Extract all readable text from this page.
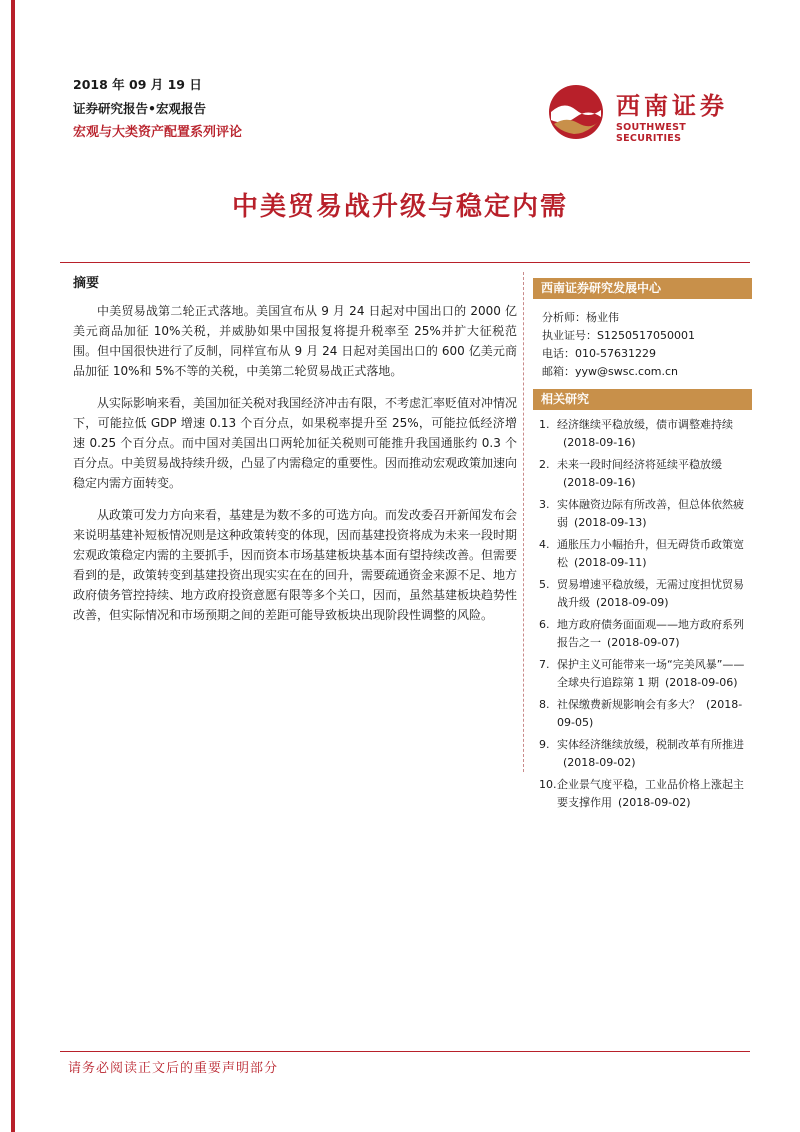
2018 年 09 月 19 日
证券研究报告•宏观报告
宏观与大类资产配置系列评论
西南证券
SOUTHWEST SECURITIES
中美贸易战升级与稳定内需
摘要

中美贸易战第二轮正式落地。美国宣布从 9 月 24 日起对中国出口的 2000 亿美元商品加征 10%关税，并威胁如果中国报复将提升税率至 25%并扩大征税范围。但中国很快进行了反制，同样宣布从 9 月 24 日起对美国出口的 600 亿美元商品加征 10%和 5%不等的关税，中美第二轮贸易战正式落地。

从实际影响来看，美国加征关税对我国经济冲击有限，不考虑汇率贬值对冲情况下，可能拉低 GDP 增速 0.13 个百分点，如果税率提升至 25%，可能拉低经济增速 0.25 个百分点。而中国对美国出口两轮加征关税则可能推升我国通胀约 0.3 个百分点。中美贸易战持续升级，凸显了内需稳定的重要性。因而推动宏观政策加速向稳定内需方面转变。

从政策可发力方向来看，基建是为数不多的可选方向。而发改委召开新闻发布会来说明基建补短板情况则是这种政策转变的体现，因而基建投资将成为未来一段时期宏观政策稳定内需的主要抓手，因而资本市场基建板块基本面有望持续改善。但需要看到的是，政策转变到基建投资出现实实在在的回升，需要疏通资金来源不足、地方政府债务管控持续、地方政府投资意愿有限等多个关口，因而，虽然基建板块趋势性改善，但实际情况和市场预期之间的差距可能导致板块出现阶段性调整的风险。

西南证券研究发展中心
分析师：杨业伟
执业证号：S1250517050001
电话：010-57631229
邮箱：yyw@swsc.com.cn
相关研究
1. 经济继续平稳放缓，债市调整难持续(2018-09-16)
2. 未来一段时间经济将延续平稳放缓(2018-09-16)
3. 实体融资边际有所改善，但总体依然疲弱 (2018-09-13)
4. 通胀压力小幅抬升，但无碍货币政策宽松 (2018-09-11)
5. 贸易增速平稳放缓，无需过度担忧贸易战升级 (2018-09-09)
6. 地方政府债务面面观——地方政府系列报告之一 (2018-09-07)
7. 保护主义可能带来一场“完美风暴”——全球央行追踪第 1 期 (2018-09-06)
8. 社保缴费新规影响会有多大？ (2018-09-05)
9. 实体经济继续放缓，税制改革有所推进(2018-09-02)
10. 企业景气度平稳，工业品价格上涨起主要支撑作用 (2018-09-02)
请务必阅读正文后的重要声明部分
